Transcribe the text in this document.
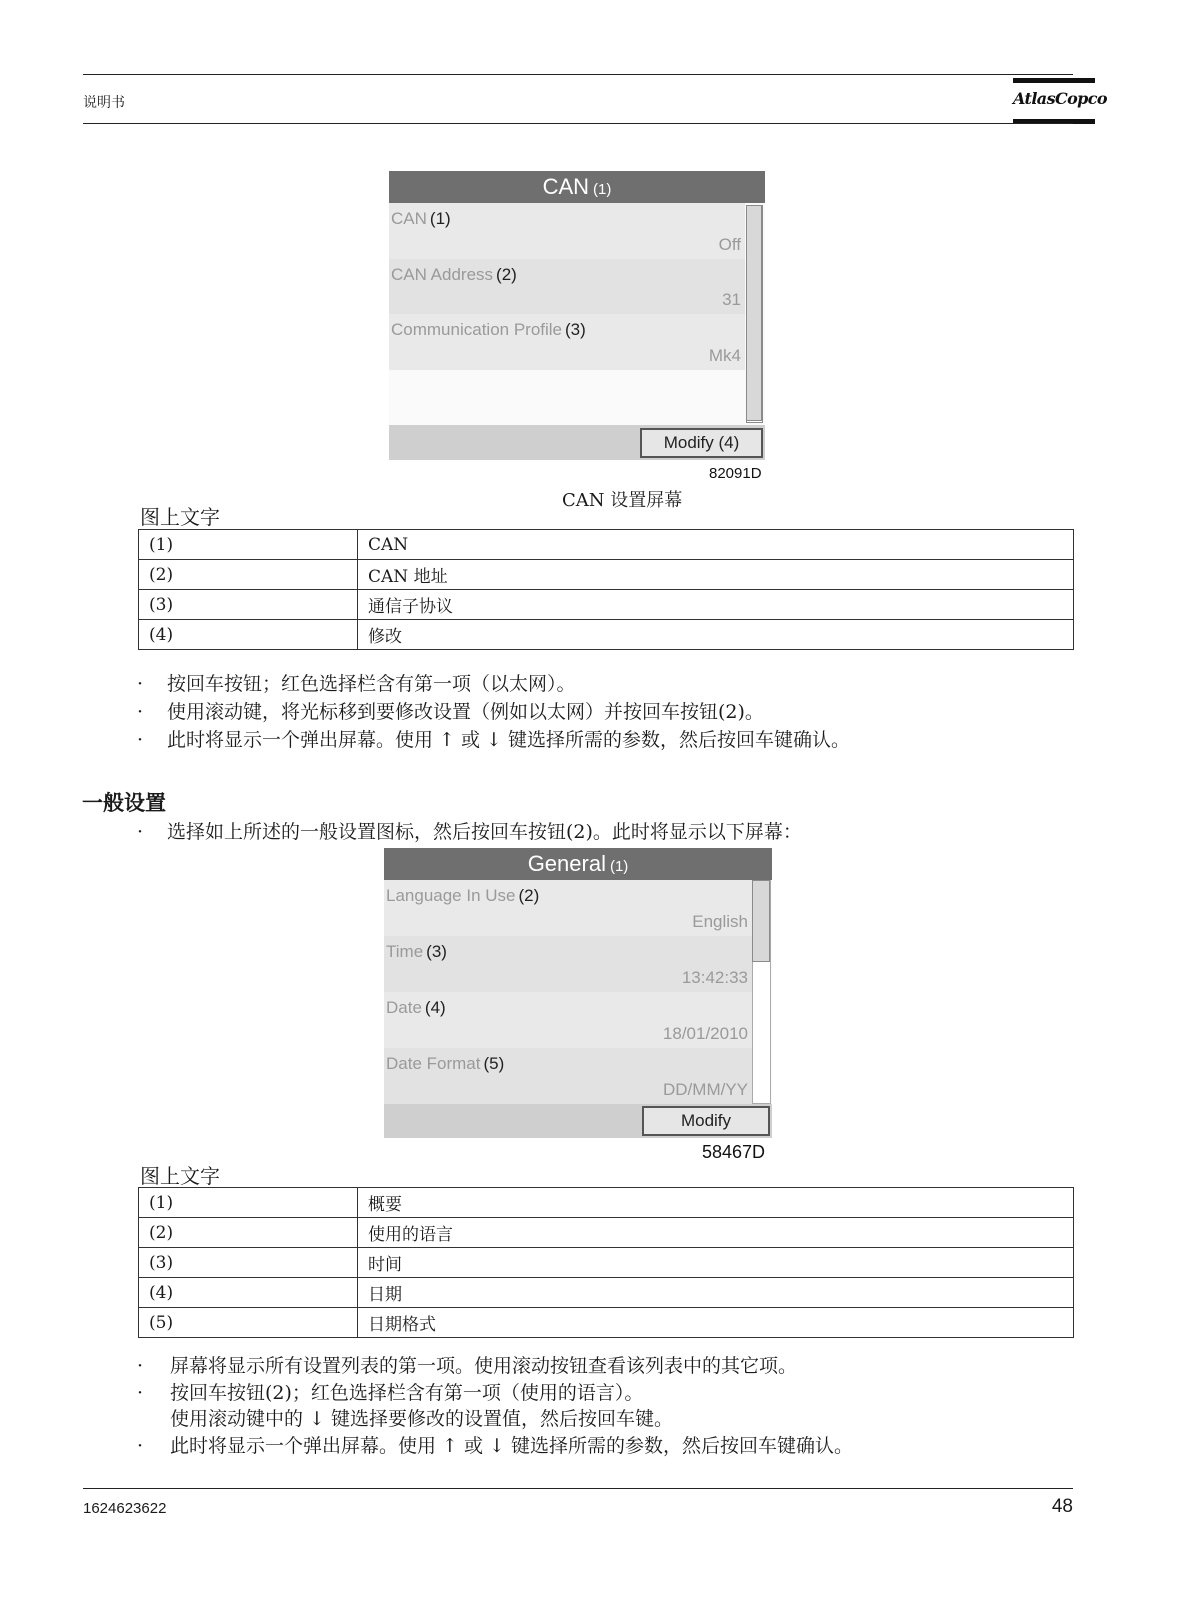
说明书	AtlasCopco
CAN (1)
CAN (1)
Off
CAN Address (2)
31
Communication Profile (3)
Mk4
Modify (4)
82091D
CAN 设置屏幕
图上文字
(1)	CAN
(2)	CAN 地址
(3)	通信子协议
(4)	修改
· 按回车按钮；红色选择栏含有第一项（以太网）。
· 使用滚动键，将光标移到要修改设置（例如以太网）并按回车按钮(2)。
· 此时将显示一个弹出屏幕。使用 ↑ 或 ↓ 键选择所需的参数，然后按回车键确认。
一般设置
· 选择如上所述的一般设置图标，然后按回车按钮(2)。此时将显示以下屏幕：
General (1)
Language In Use (2)
English
Time (3)
13:42:33
Date (4)
18/01/2010
Date Format (5)
DD/MM/YY
Modify
58467D
图上文字
(1)	概要
(2)	使用的语言
(3)	时间
(4)	日期
(5)	日期格式
· 屏幕将显示所有设置列表的第一项。使用滚动按钮查看该列表中的其它项。
· 按回车按钮(2)；红色选择栏含有第一项（使用的语言）。
使用滚动键中的 ↓ 键选择要修改的设置值，然后按回车键。
· 此时将显示一个弹出屏幕。使用 ↑ 或 ↓ 键选择所需的参数，然后按回车键确认。
1624623622	48
